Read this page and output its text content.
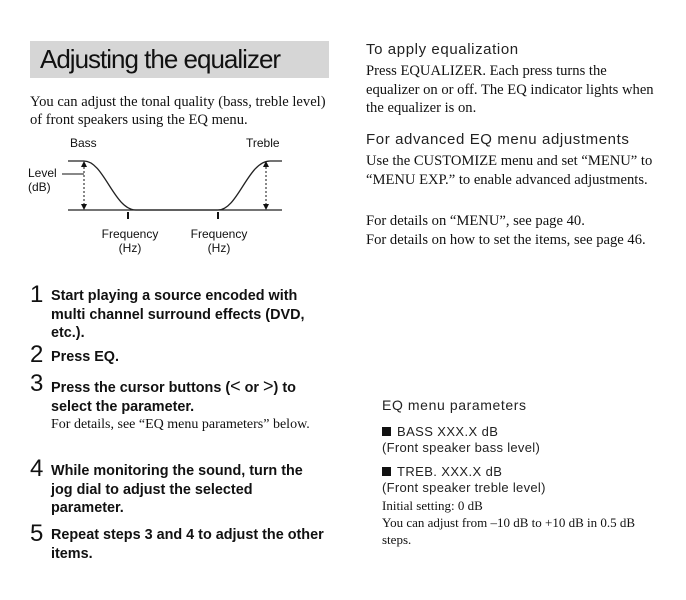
Adjusting the equalizer
You can adjust the tonal quality (bass, treble level) of front speakers using the EQ menu.
Bass	Treble
Level
(dB)
Frequency
(Hz)
Frequency
(Hz)
1 Start playing a source encoded with multi channel surround effects (DVD, etc.).
2 Press EQ.
3 Press the cursor buttons (< or >) to select the parameter.
For details, see “EQ menu parameters” below.
4 While monitoring the sound, turn the jog dial to adjust the selected parameter.
5 Repeat steps 3 and 4 to adjust the other items.
To apply equalization
Press EQUALIZER. Each press turns the equalizer on or off. The EQ indicator lights when the equalizer is on.
For advanced EQ menu adjustments
Use the CUSTOMIZE menu and set “MENU” to “MENU EXP.” to enable advanced adjustments.
For details on “MENU”, see page 40.
For details on how to set the items, see page 46.
EQ menu parameters
BASS XXX.X dB
(Front speaker bass level)
TREB. XXX.X dB
(Front speaker treble level)
Initial setting: 0 dB
You can adjust from –10 dB to +10 dB in 0.5 dB steps.
